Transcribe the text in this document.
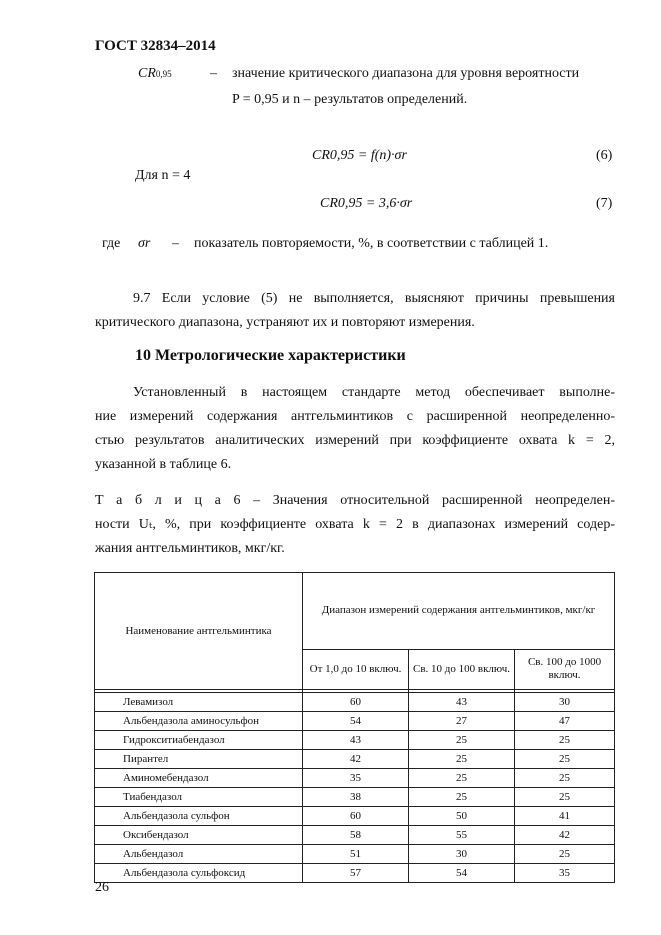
ГОСТ 32834–2014
CR0,95	– значение критического диапазона для уровня вероятности
P = 0,95 и n – результатов определений.
CR0,95 = f(n)·σr	(6)
Для n = 4
CR0,95 = 3,6·σr	(7)
где σr – показатель повторяемости, %, в соответствии с таблицей 1.
9.7 Если условие (5) не выполняется, выясняют причины превышения
критического диапазона, устраняют их и повторяют измерения.
10 Метрологические характеристики
Установленный в настоящем стандарте метод обеспечивает выполне-
ние измерений содержания антгельминтиков с расширенной неопределенно-
стью результатов аналитических измерений при коэффициенте охвата k = 2,
указанной в таблице 6.
Т а б л и ц а 6 – Значения относительной расширенной неопределен-
ности Uₜ, %, при коэффициенте охвата k = 2 в диапазонах измерений содер-
жания антгельминтиков, мкг/кг.
Наименование антгельминтика	Диапазон измерений содержания антгельминтиков, мкг/кг		
	От 1,0 до 10 включ.	Св. 10 до 100 включ.	Св. 100 до 1000 включ.

Левамизол	60	43	30
Альбендазола аминосульфон	54	27	47
Гидрокситиабендазол	43	25	25
Пирантел	42	25	25
Аминомебендазол	35	25	25
Тиабендазол	38	25	25
Альбендазола сульфон	60	50	41
Оксибендазол	58	55	42
Альбендазол	51	30	25
Альбендазола сульфоксид	57	54	35
26
